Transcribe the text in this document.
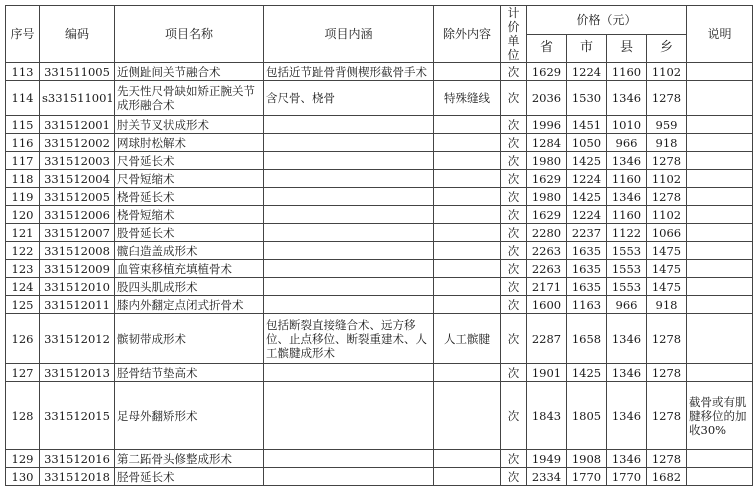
序号	编码	项目名称	项目内涵	除外内容	计价单位	价格（元）				说明
						省	市	县	乡	
113	331511005	近侧趾间关节融合术	包括近节趾骨背侧楔形截骨手术		次	1629	1224	1160	1102	
114	s331511001	先天性尺骨缺如矫正腕关节成形融合术	含尺骨、桡骨	特殊缝线	次	2036	1530	1346	1278	
115	331512001	肘关节叉状成形术			次	1996	1451	1010	959	
116	331512002	网球肘松解术			次	1284	1050	966	918	
117	331512003	尺骨延长术			次	1980	1425	1346	1278	
118	331512004	尺骨短缩术			次	1629	1224	1160	1102	
119	331512005	桡骨延长术			次	1980	1425	1346	1278	
120	331512006	桡骨短缩术			次	1629	1224	1160	1102	
121	331512007	股骨延长术			次	2280	2237	1122	1066	
122	331512008	髋臼造盖成形术			次	2263	1635	1553	1475	
123	331512009	血管束移植充填植骨术			次	2263	1635	1553	1475	
124	331512010	股四头肌成形术			次	2171	1635	1553	1475	
125	331512011	膝内外翻定点闭式折骨术			次	1600	1163	966	918	
126	331512012	髌韧带成形术	包括断裂直接缝合术、远方移位、止点移位、断裂重建术、人工髌腱成形术	人工髌腱	次	2287	1658	1346	1278	
127	331512013	胫骨结节垫高术			次	1901	1425	1346	1278	
128	331512015	足母外翻矫形术			次	1843	1805	1346	1278	截骨或有肌腱移位的加收30%
129	331512016	第二跖骨头修整成形术			次	1949	1908	1346	1278	
130	331512018	胫骨延长术			次	2334	1770	1770	1682	
